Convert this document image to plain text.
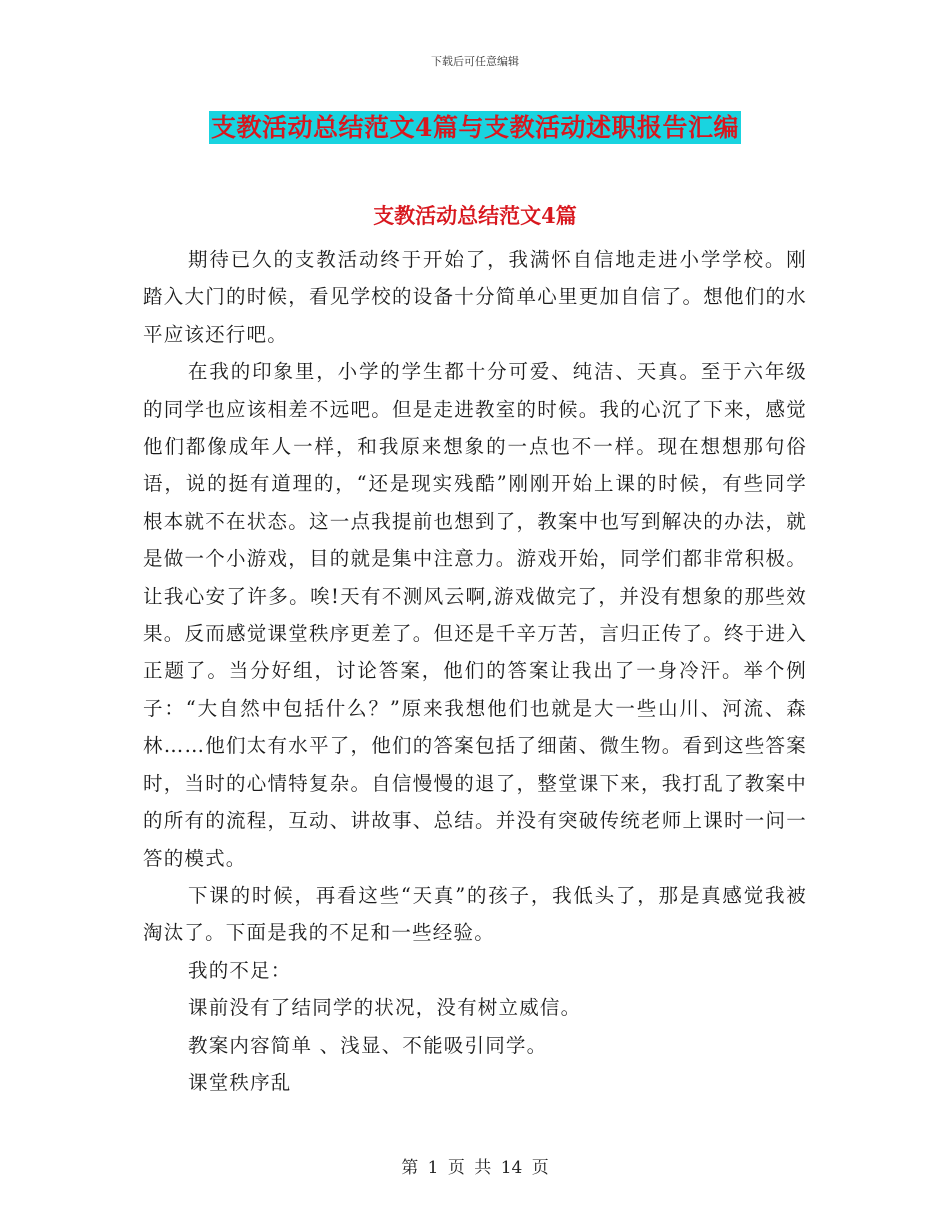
下载后可任意编辑
支教活动总结范文4篇与支教活动述职报告汇编
支教活动总结范文4篇

期待已久的支教活动终于开始了，我满怀自信地走进小学学校。刚踏入大门的时候，看见学校的设备十分简单心里更加自信了。想他们的水平应该还行吧。

在我的印象里，小学的学生都十分可爱、纯洁、天真。至于六年级的同学也应该相差不远吧。但是走进教室的时候。我的心沉了下来，感觉他们都像成年人一样，和我原来想象的一点也不一样。现在想想那句俗语，说的挺有道理的，“还是现实残酷”刚刚开始上课的时候，有些同学根本就不在状态。这一点我提前也想到了，教案中也写到解决的办法，就是做一个小游戏，目的就是集中注意力。游戏开始，同学们都非常积极。让我心安了许多。唉!天有不测风云啊,游戏做完了，并没有想象的那些效果。反而感觉课堂秩序更差了。但还是千辛万苦，言归正传了。终于进入正题了。当分好组，讨论答案，他们的答案让我出了一身冷汗。举个例子：“大自然中包括什么？”原来我想他们也就是大一些山川、河流、森林……他们太有水平了，他们的答案包括了细菌、微生物。看到这些答案时，当时的心情特复杂。自信慢慢的退了，整堂课下来，我打乱了教案中的所有的流程，互动、讲故事、总结。并没有突破传统老师上课时一问一答的模式。

下课的时候，再看这些“天真”的孩子，我低头了，那是真感觉我被淘汰了。下面是我的不足和一些经验。

我的不足：

课前没有了结同学的状况，没有树立威信。

教案内容简单 、浅显、不能吸引同学。

课堂秩序乱

第 1 页 共 14 页
